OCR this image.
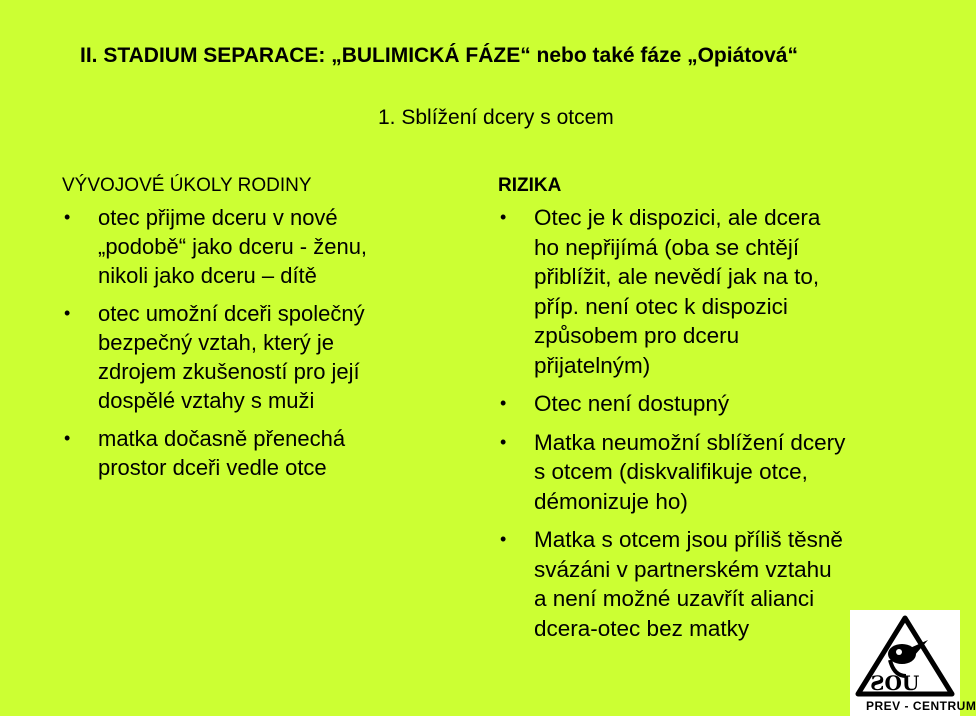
II. STADIUM SEPARACE: „BULIMICKÁ FÁZE“ nebo také fáze „Opiátová“
1. Sblížení dcery s otcem
VÝVOJOVÉ ÚKOLY RODINY
• otec přijme dceru v nové
„podobě“ jako dceru - ženu,
nikoli jako dceru – dítě
• otec umožní dceři společný
bezpečný vztah, který je
zdrojem zkušeností pro její
dospělé vztahy s muži
• matka dočasně přenechá
prostor dceři vedle otce
RIZIKA
• Otec je k dispozici, ale dcera
ho nepřijímá (oba se chtějí
přiblížit, ale nevědí jak na to,
příp. není otec k dispozici
způsobem pro dceru
přijatelným)
• Otec není dostupný
• Matka neumožní sblížení dcery
s otcem (diskvalifikuje otce,
démonizuje ho)
• Matka s otcem jsou příliš těsně
svázáni v partnerském vztahu
a není možné uzavřít alianci
dcera-otec bez matky
ƧOU
PREV - CENTRUM
